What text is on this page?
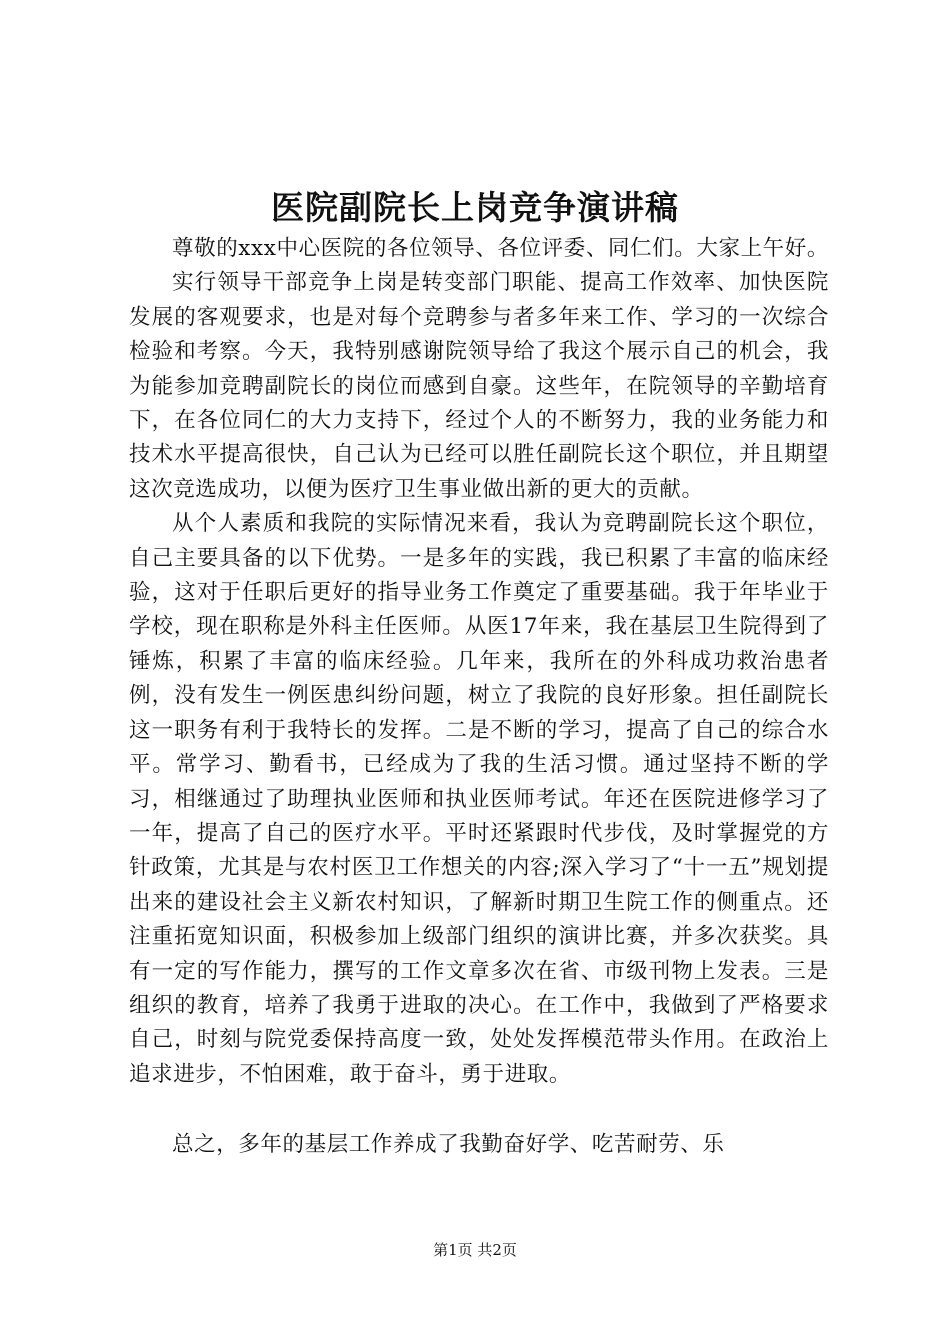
医院副院长上岗竞争演讲稿

尊敬的xxx中心医院的各位领导、各位评委、同仁们。大家上午好。

实行领导干部竞争上岗是转变部门职能、提高工作效率、加快医院发展的客观要求，也是对每个竞聘参与者多年来工作、学习的一次综合检验和考察。今天，我特别感谢院领导给了我这个展示自己的机会，我为能参加竞聘副院长的岗位而感到自豪。这些年，在院领导的辛勤培育下，在各位同仁的大力支持下，经过个人的不断努力，我的业务能力和技术水平提高很快，自己认为已经可以胜任副院长这个职位，并且期望这次竞选成功，以便为医疗卫生事业做出新的更大的贡献。

从个人素质和我院的实际情况来看，我认为竞聘副院长这个职位，自己主要具备的以下优势。一是多年的实践，我已积累了丰富的临床经验，这对于任职后更好的指导业务工作奠定了重要基础。我于年毕业于学校，现在职称是外科主任医师。从医17年来，我在基层卫生院得到了锤炼，积累了丰富的临床经验。几年来，我所在的外科成功救治患者例，没有发生一例医患纠纷问题，树立了我院的良好形象。担任副院长这一职务有利于我特长的发挥。二是不断的学习，提高了自己的综合水平。常学习、勤看书，已经成为了我的生活习惯。通过坚持不断的学习，相继通过了助理执业医师和执业医师考试。年还在医院进修学习了一年，提高了自己的医疗水平。平时还紧跟时代步伐，及时掌握党的方针政策，尤其是与农村医卫工作想关的内容;深入学习了“十一五”规划提出来的建设社会主义新农村知识，了解新时期卫生院工作的侧重点。还注重拓宽知识面，积极参加上级部门组织的演讲比赛，并多次获奖。具有一定的写作能力，撰写的工作文章多次在省、市级刊物上发表。三是组织的教育，培养了我勇于进取的决心。在工作中，我做到了严格要求自己，时刻与院党委保持高度一致，处处发挥模范带头作用。在政治上追求进步，不怕困难，敢于奋斗，勇于进取。

总之，多年的基层工作养成了我勤奋好学、吃苦耐劳、乐

第1页 共2页
